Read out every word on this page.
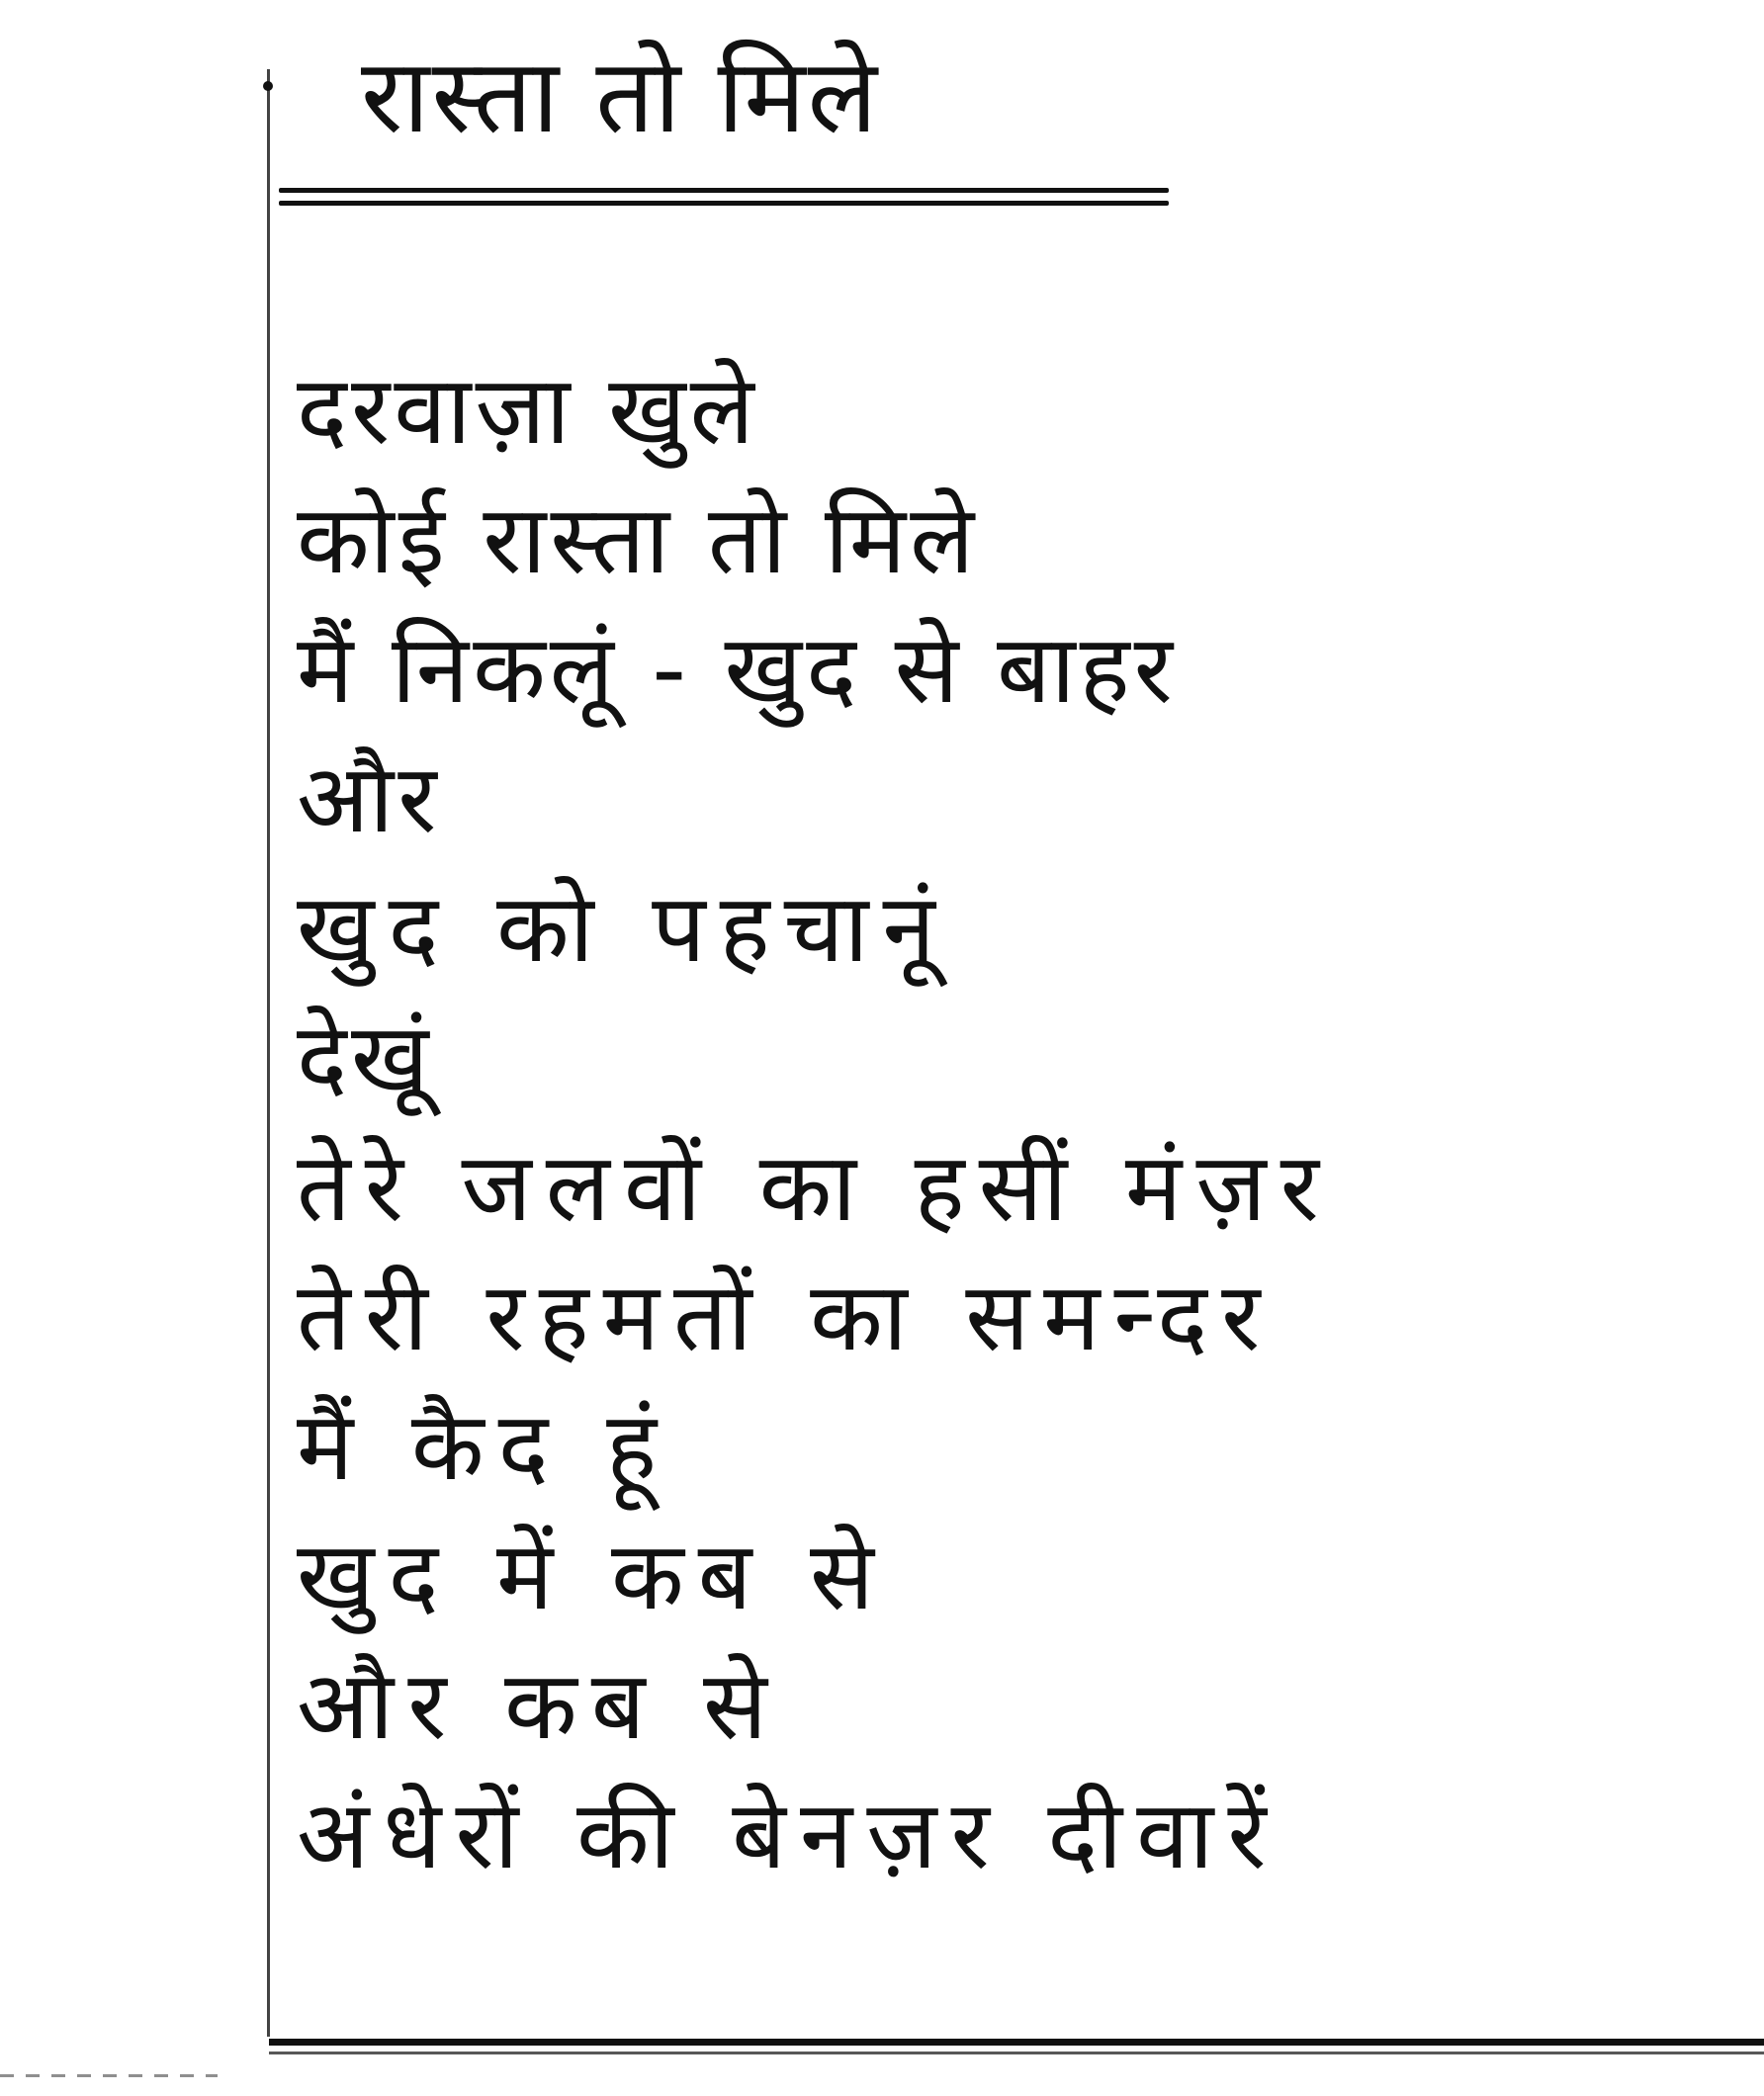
रास्ता तो मिले
दरवाज़ा खुले
कोई रास्ता तो मिले
मैं निकलूं - खुद से बाहर
और
खुद को पहचानूं
देखूं
तेरे जलवों का हसीं मंज़र
तेरी रहमतों का समन्दर
मैं कैद हूं
खुद में कब से
और कब से
अंधेरों की बेनज़र दीवारें
